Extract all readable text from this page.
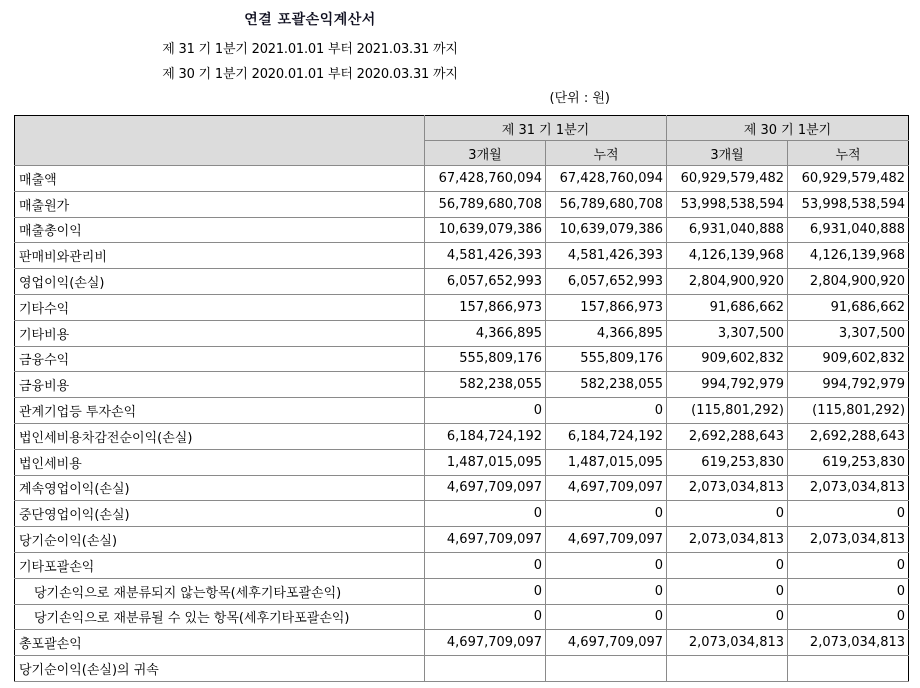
연결 포괄손익계산서
제 31 기 1분기 2021.01.01 부터 2021.03.31 까지
제 30 기 1분기 2020.01.01 부터 2020.03.31 까지
(단위 : 원)
	제 31 기 1분기		제 30 기 1분기	
	3개월	누적	3개월	누적
매출액	67,428,760,094	67,428,760,094	60,929,579,482	60,929,579,482
매출원가	56,789,680,708	56,789,680,708	53,998,538,594	53,998,538,594
매출총이익	10,639,079,386	10,639,079,386	6,931,040,888	6,931,040,888
판매비와관리비	4,581,426,393	4,581,426,393	4,126,139,968	4,126,139,968
영업이익(손실)	6,057,652,993	6,057,652,993	2,804,900,920	2,804,900,920
기타수익	157,866,973	157,866,973	91,686,662	91,686,662
기타비용	4,366,895	4,366,895	3,307,500	3,307,500
금융수익	555,809,176	555,809,176	909,602,832	909,602,832
금융비용	582,238,055	582,238,055	994,792,979	994,792,979
관계기업등 투자손익	0	0	(115,801,292)	(115,801,292)
법인세비용차감전순이익(손실)	6,184,724,192	6,184,724,192	2,692,288,643	2,692,288,643
법인세비용	1,487,015,095	1,487,015,095	619,253,830	619,253,830
계속영업이익(손실)	4,697,709,097	4,697,709,097	2,073,034,813	2,073,034,813
중단영업이익(손실)	0	0	0	0
당기순이익(손실)	4,697,709,097	4,697,709,097	2,073,034,813	2,073,034,813
기타포괄손익	0	0	0	0
당기손익으로 재분류되지 않는항목(세후기타포괄손익)	0	0	0	0
당기손익으로 재분류될 수 있는 항목(세후기타포괄손익)	0	0	0	0
총포괄손익	4,697,709,097	4,697,709,097	2,073,034,813	2,073,034,813
당기순이익(손실)의 귀속				
